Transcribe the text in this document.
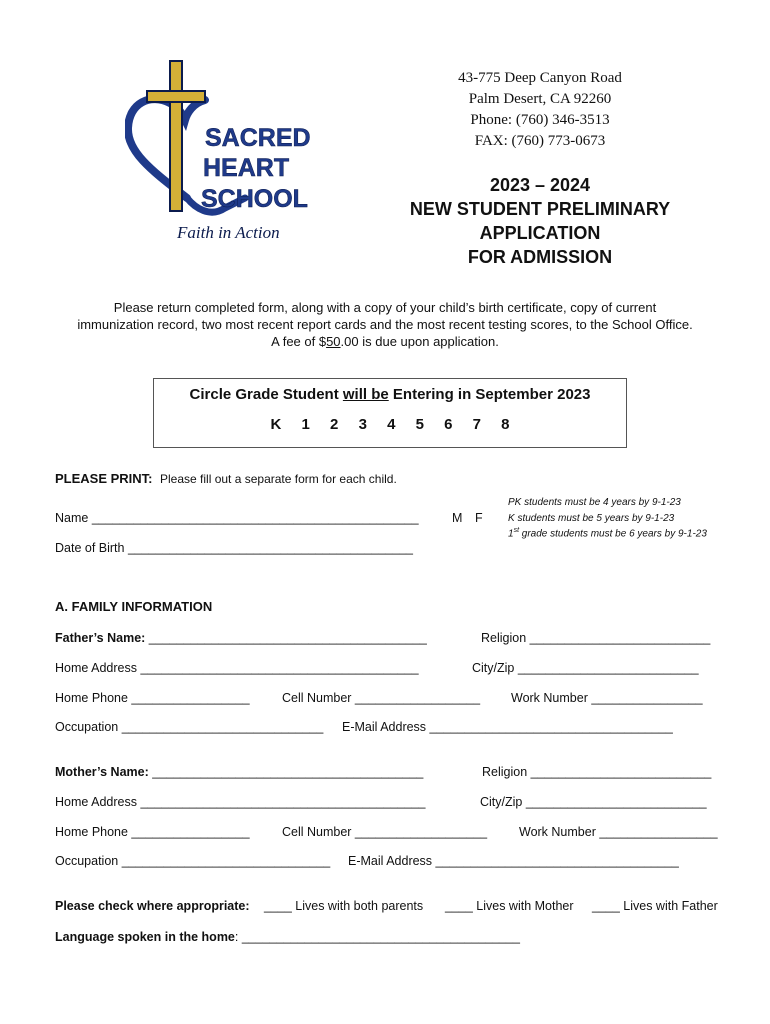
SACRED
HEART
SCHOOL
Faith in Action
43-775 Deep Canyon Road
Palm Desert, CA 92260
Phone: (760) 346-3513
FAX: (760) 773-0673
2023 – 2024
NEW STUDENT PRELIMINARY
APPLICATION
FOR ADMISSION
Please return completed form, along with a copy of your child’s birth certificate, copy of current
immunization record, two most recent report cards and the most recent testing scores, to the School Office.
A fee of $50.00 is due upon application.
Circle Grade Student will be Entering in September 2023
K 1 2 3 4 5 6 7 8
PLEASE PRINT: Please fill out a separate form for each child.
PK students must be 4 years by 9-1-23
K students must be 5 years by 9-1-23
1st grade students must be 6 years by 9-1-23
Name _______________________________________________	M F
Date of Birth _________________________________________
A. FAMILY INFORMATION
Father’s Name: ________________________________________	Religion __________________________
Home Address ________________________________________	City/Zip __________________________
Home Phone _________________	Cell Number __________________ Work Number ________________
Occupation _____________________________ E-Mail Address ___________________________________
Mother’s Name: _______________________________________	Religion __________________________
Home Address _________________________________________	City/Zip __________________________
Home Phone _________________	Cell Number ___________________	Work Number _________________
Occupation ______________________________ E-Mail Address ___________________________________
Please check where appropriate: ____ Lives with both parents ____ Lives with Mother ____ Lives with Father
Language spoken in the home: ________________________________________
